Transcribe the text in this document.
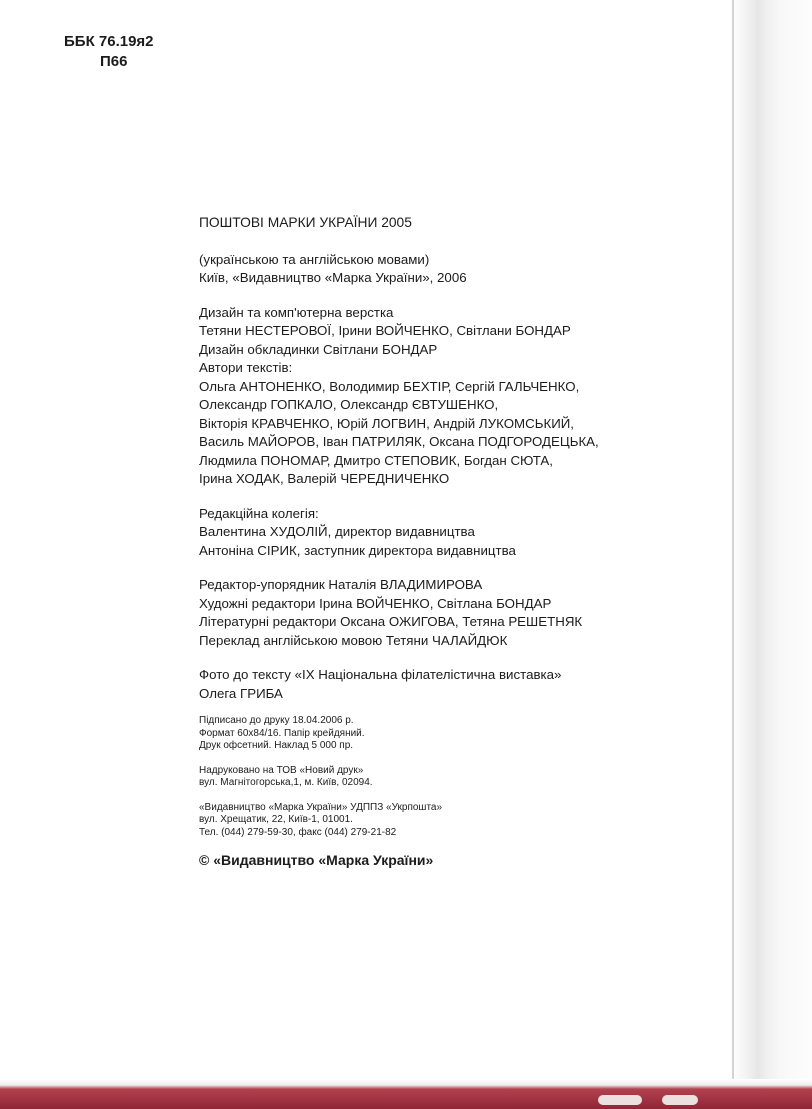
ББК 76.19я2
П66
ПОШТОВІ МАРКИ УКРАЇНИ 2005
(українською та англійською мовами)
Київ, «Видавництво «Марка України», 2006
Дизайн та комп'ютерна верстка
Тетяни НЕСТЕРОВОЇ, Ірини ВОЙЧЕНКО, Світлани БОНДАР
Дизайн обкладинки Світлани БОНДАР
Автори текстів:
Ольга АНТОНЕНКО, Володимир БЕХТІР, Сергій ГАЛЬЧЕНКО,
Олександр ГОПКАЛО, Олександр ЄВТУШЕНКО,
Вікторія КРАВЧЕНКО, Юрій ЛОГВИН, Андрій ЛУКОМСЬКИЙ,
Василь МАЙОРОВ, Іван ПАТРИЛЯК, Оксана ПОДГОРОДЕЦЬКА,
Людмила ПОНОМАР, Дмитро СТЕПОВИК, Богдан СЮТА,
Ірина ХОДАК, Валерій ЧЕРЕДНИЧЕНКО
Редакційна колегія:
Валентина ХУДОЛІЙ, директор видавництва
Антоніна СІРИК, заступник директора видавництва
Редактор-упорядник Наталія ВЛАДИМИРОВА
Художні редактори Ірина ВОЙЧЕНКО, Світлана БОНДАР
Літературні редактори Оксана ОЖИГОВА, Тетяна РЕШЕТНЯК
Переклад англійською мовою Тетяни ЧАЛАЙДЮК
Фото до тексту «ІХ Національна філателістична виставка»
Олега ГРИБА
Підписано до друку 18.04.2006 р.
Формат 60x84/16. Папір крейдяний.
Друк офсетний. Наклад 5 000 пр.
Надруковано на ТОВ «Новий друк»
вул. Магнітогорська,1, м. Київ, 02094.
«Видавництво «Марка України» УДППЗ «Укрпошта»
вул. Хрещатик, 22, Київ-1, 01001.
Тел. (044) 279-59-30, факс (044) 279-21-82
© «Видавництво «Марка України»
